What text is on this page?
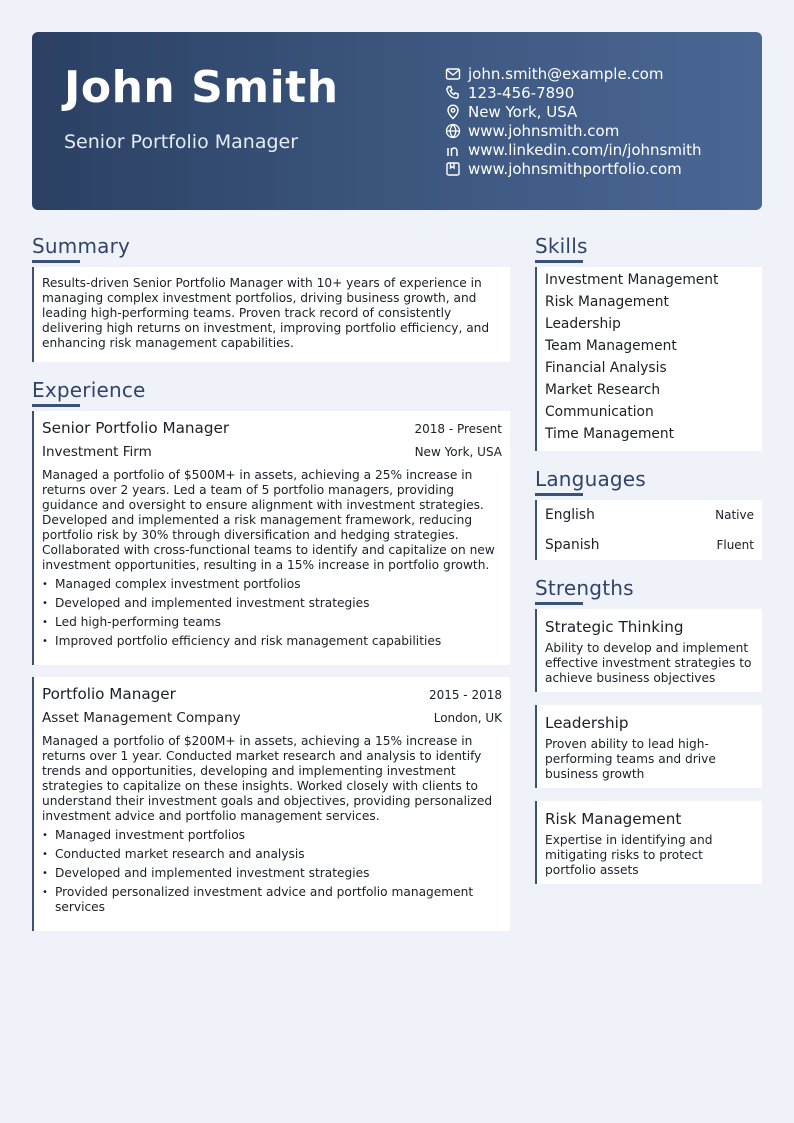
John Smith
Senior Portfolio Manager
john.smith@example.com
123-456-7890
New York, USA
www.johnsmith.com
www.linkedin.com/in/johnsmith
www.johnsmithportfolio.com
Summary
Results-driven Senior Portfolio Manager with 10+ years of experience in
managing complex investment portfolios, driving business growth, and
leading high-performing teams. Proven track record of consistently
delivering high returns on investment, improving portfolio efficiency, and
enhancing risk management capabilities.
Experience
Senior Portfolio Manager	2018 - Present
Investment Firm	New York, USA
Managed a portfolio of $500M+ in assets, achieving a 25% increase in
returns over 2 years. Led a team of 5 portfolio managers, providing
guidance and oversight to ensure alignment with investment strategies.
Developed and implemented a risk management framework, reducing
portfolio risk by 30% through diversification and hedging strategies.
Collaborated with cross-functional teams to identify and capitalize on new
investment opportunities, resulting in a 15% increase in portfolio growth.
• Managed complex investment portfolios
• Developed and implemented investment strategies
• Led high-performing teams
• Improved portfolio efficiency and risk management capabilities
Portfolio Manager	2015 - 2018
Asset Management Company	London, UK
Managed a portfolio of $200M+ in assets, achieving a 15% increase in
returns over 1 year. Conducted market research and analysis to identify
trends and opportunities, developing and implementing investment
strategies to capitalize on these insights. Worked closely with clients to
understand their investment goals and objectives, providing personalized
investment advice and portfolio management services.
• Managed investment portfolios
• Conducted market research and analysis
• Developed and implemented investment strategies
• Provided personalized investment advice and portfolio management services
Skills
Investment Management
Risk Management
Leadership
Team Management
Financial Analysis
Market Research
Communication
Time Management
Languages
English	Native
Spanish	Fluent
Strengths
Strategic Thinking
Ability to develop and implement
effective investment strategies to
achieve business objectives
Leadership
Proven ability to lead high-
performing teams and drive
business growth
Risk Management
Expertise in identifying and
mitigating risks to protect
portfolio assets
